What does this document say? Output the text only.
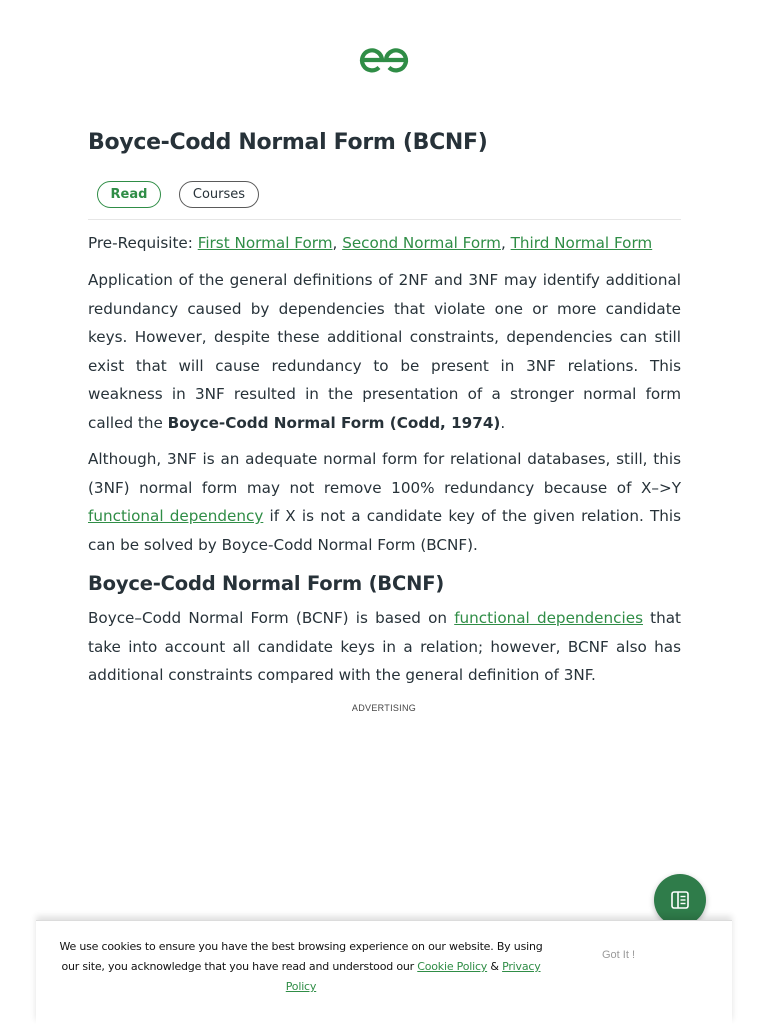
Boyce-Codd Normal Form (BCNF)
Read	Courses

Pre-Requisite: First Normal Form, Second Normal Form, Third Normal Form

Application of the general definitions of 2NF and 3NF may identify additional redundancy caused by dependencies that violate one or more candidate keys. However, despite these additional constraints, dependencies can still exist that will cause redundancy to be present in 3NF relations. This weakness in 3NF resulted in the presentation of a stronger normal form called the Boyce-Codd Normal Form (Codd, 1974).

Although, 3NF is an adequate normal form for relational databases, still, this (3NF) normal form may not remove 100% redundancy because of X–>Y functional dependency if X is not a candidate key of the given relation. This can be solved by Boyce-Codd Normal Form (BCNF).

Boyce-Codd Normal Form (BCNF)

Boyce–Codd Normal Form (BCNF) is based on functional dependencies that take into account all candidate keys in a relation; however, BCNF also has additional constraints compared with the general definition of 3NF.

ADVERTISING

We use cookies to ensure you have the best browsing experience on our website. By using our site, you acknowledge that you have read and understood our Cookie Policy & Privacy Policy

Got It !
